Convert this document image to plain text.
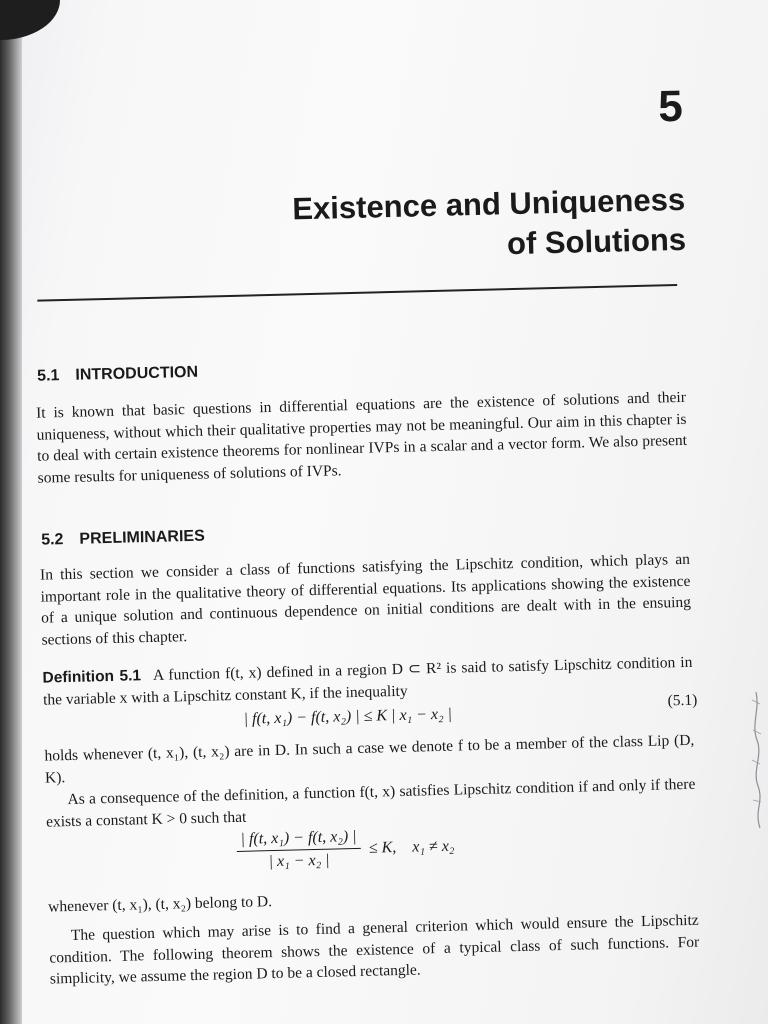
5
Existence and Uniqueness
of Solutions
5.1 INTRODUCTION
It is known that basic questions in differential equations are the existence of solutions and their uniqueness, without which their qualitative properties may not be meaningful. Our aim in this chapter is to deal with certain existence theorems for nonlinear IVPs in a scalar and a vector form. We also present some results for uniqueness of solutions of IVPs.
5.2 PRELIMINARIES
In this section we consider a class of functions satisfying the Lipschitz condition, which plays an important role in the qualitative theory of differential equations. Its applications showing the existence of a unique solution and continuous dependence on initial conditions are dealt with in the ensuing sections of this chapter.
Definition 5.1 A function f(t, x) defined in a region D ⊂ R² is said to satisfy Lipschitz condition in the variable x with a Lipschitz constant K, if the inequality
| f(t, x₁) − f(t, x₂) | ≤ K | x₁ − x₂ |
(5.1)
holds whenever (t, x₁), (t, x₂) are in D. In such a case we denote f to be a member of the class Lip (D, K). As a consequence of the definition, a function f(t, x) satisfies Lipschitz condition if and only if there exists a constant K > 0 such that
$\frac{\text{| f(t, x₁) − f(t, x₂) |}}{\text{| x₁ − x₂ |}} \le K$,    x₁ ≠ x₂
whenever (t, x₁), (t, x₂) belong to D.
The question which may arise is to find a general criterion which would ensure the Lipschitz condition. The following theorem shows the existence of a typical class of such functions. For simplicity, we assume the region D to be a closed rectangle.
